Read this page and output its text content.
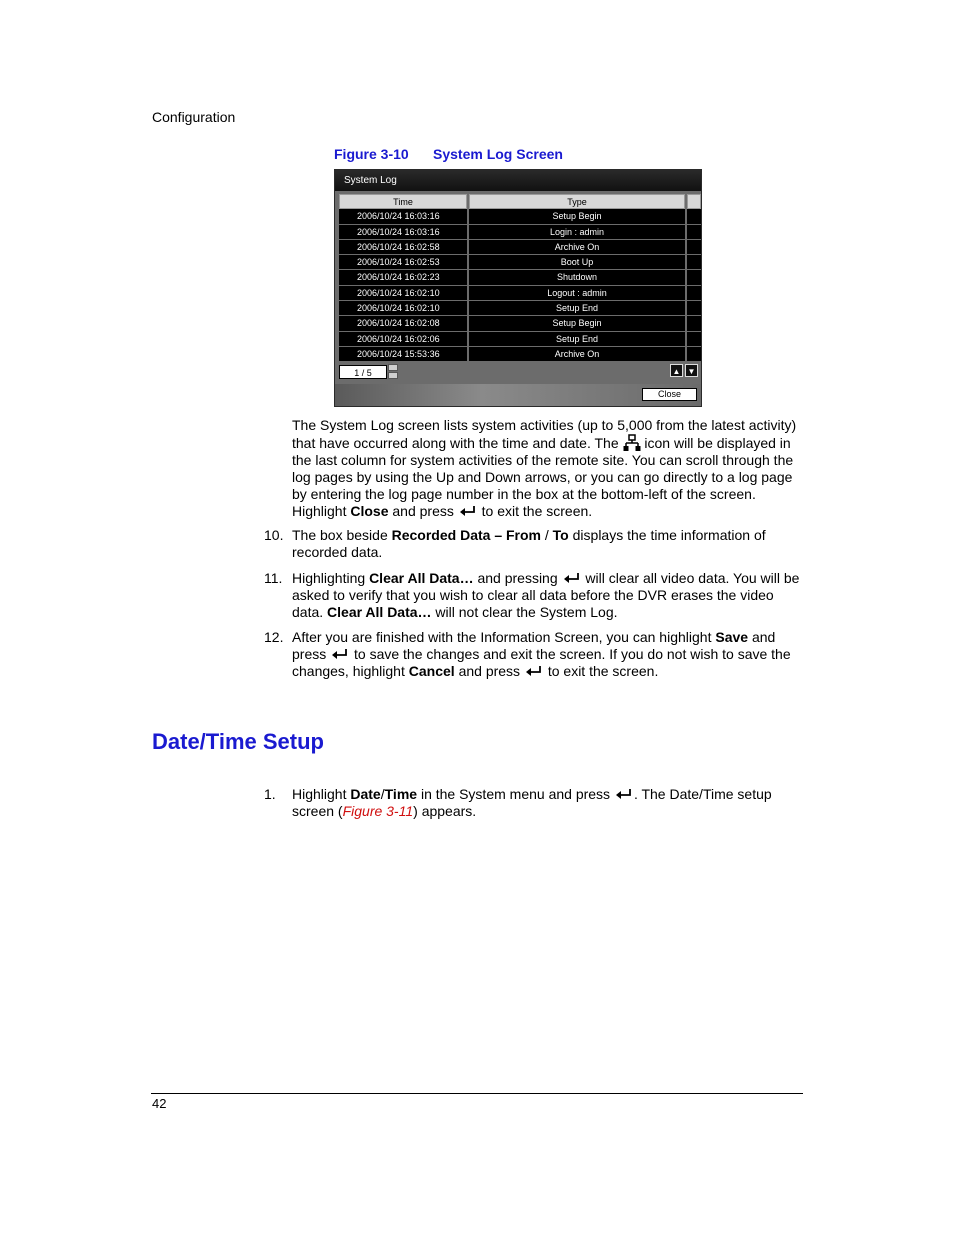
Configuration
Figure 3-10 System Log Screen
System Log
Time	Type
2006/10/24 16:03:16	Setup Begin
2006/10/24 16:03:16	Login : admin
2006/10/24 16:02:58	Archive On
2006/10/24 16:02:53	Boot Up
2006/10/24 16:02:23	Shutdown
2006/10/24 16:02:10	Logout : admin
2006/10/24 16:02:10	Setup End
2006/10/24 16:02:08	Setup Begin
2006/10/24 16:02:06	Setup End
2006/10/24 15:53:36	Archive On
1 / 5	▲ ▼
Close
The System Log screen lists system activities (up to 5,000 from the latest activity) that have occurred along with the time and date. The  icon will be displayed in the last column for system activities of the remote site. You can scroll through the log pages by using the Up and Down arrows, or you can go directly to a log page by entering the log page number in the box at the bottom-left of the screen. Highlight Close and press  to exit the screen.
10. The box beside Recorded Data – From / To displays the time information of recorded data.
11. Highlighting Clear All Data… and pressing  will clear all video data. You will be asked to verify that you wish to clear all data before the DVR erases the video data. Clear All Data… will not clear the System Log.
12. After you are finished with the Information Screen, you can highlight Save and press  to save the changes and exit the screen. If you do not wish to save the changes, highlight Cancel and press  to exit the screen.
Date/Time Setup
1. Highlight Date/Time in the System menu and press . The Date/Time setup screen (Figure 3-11) appears.
42
